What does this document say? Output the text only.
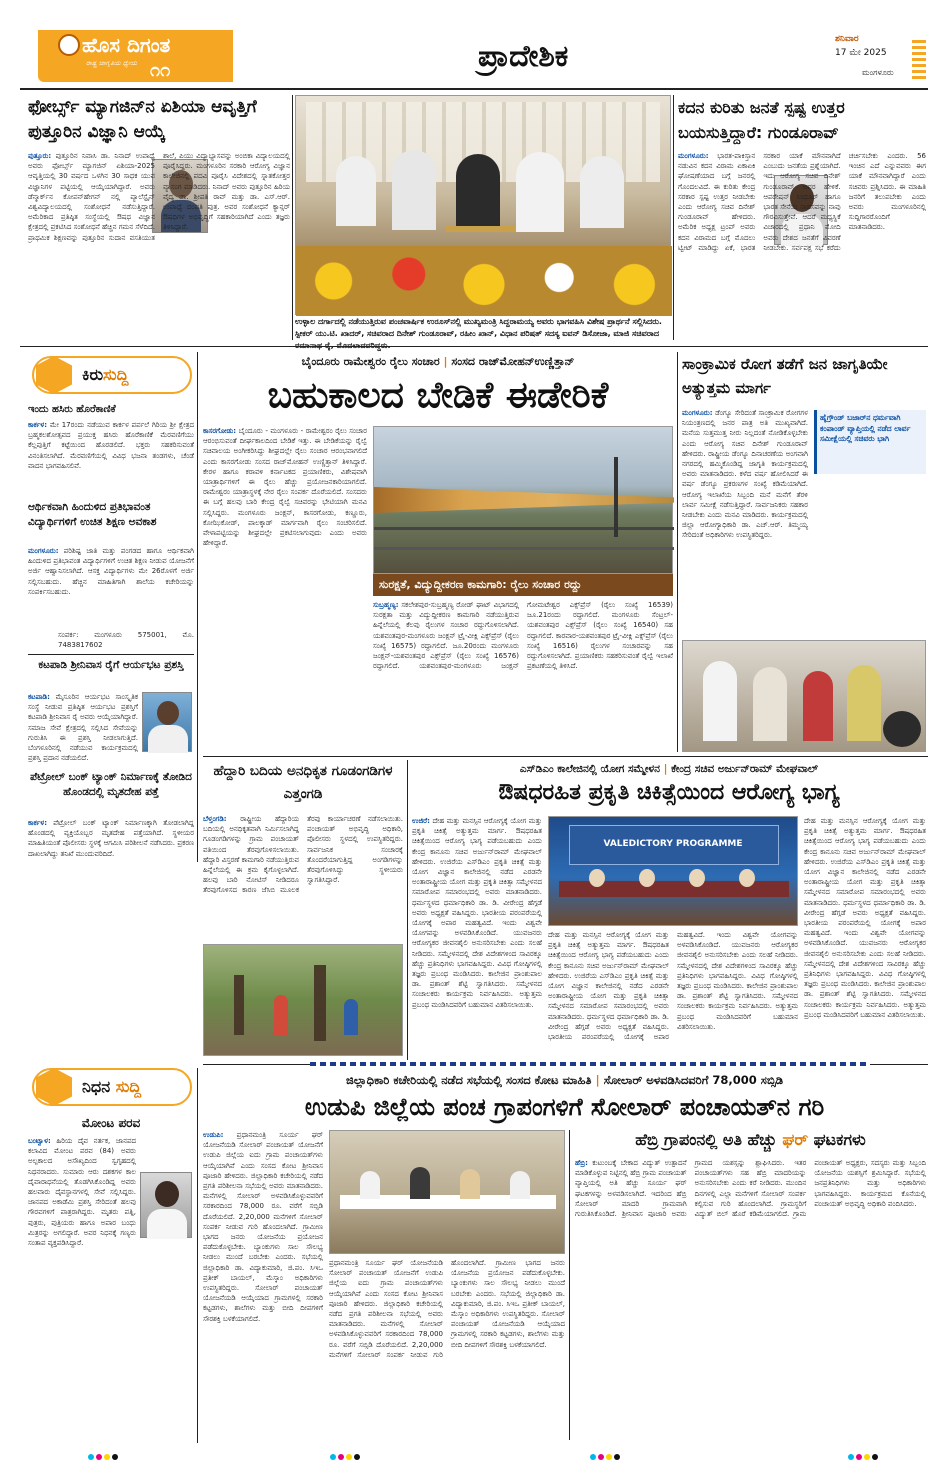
ಹೊಸ ದಿಗಂತ
ರಾಷ್ಟ್ರ ಜಾಗೃತಿಯ ಧ್ಯೇಯ ೧೧	ಪ್ರಾದೇಶಿಕ	ಶನಿವಾರ
17 ಮೇ 2025
ಮಂಗಳೂರು
ಫೋರ್ಬ್ಸ್ ಮ್ಯಾಗಜಿನ್‌ನ ಏಶಿಯಾ ಆವೃತ್ತಿಗೆ ಪುತ್ತೂರಿನ ವಿಜ್ಞಾನಿ ಆಯ್ಕೆ
ಪುತ್ತೂರು: ಪುತ್ತೂರಿನ ನಿವಾಸಿ ಡಾ. ನಿನಾದ್ ಉಪಾಧ್ಯೆ ಅವರು ಫೋರ್ಬ್ಸ್ ಮ್ಯಾಗಜಿನ್ ಏಶಿಯಾ-2025 ಆವೃತ್ತಿಯಲ್ಲಿ 30 ವರ್ಷದ ಒಳಗಿನ 30 ಸಾಧಕ ಯುವ ವಿಜ್ಞಾನಿಗಳ ಪಟ್ಟಿಯಲ್ಲಿ ಆಯ್ಕೆಯಾಗಿದ್ದಾರೆ. ಅವರು ಡೆನ್ಮಾರ್ಕ್‌ನ ಕೋಪನ್‌ಹೇಗನ್ ನಲ್ಲಿ ಪ್ಯಾಲೆಸ್ಟೈನ್ ವಿಶ್ವವಿದ್ಯಾಲಯದಲ್ಲಿ ಸಂಶೋಧನೆ ನಡೆಸುತ್ತಿದ್ದಾರೆ. ಅಮೆರಿಕಾದ ಪ್ರತಿಷ್ಠಿತ ಸಂಸ್ಥೆಯಲ್ಲಿ ಔಷಧ ವಿಜ್ಞಾನ ಕ್ಷೇತ್ರದಲ್ಲಿ ಪ್ರಕಟಿಸಿದ ಸಂಶೋಧನೆ ಹೆಚ್ಚಿನ ಗಮನ ಸೆಳೆದಿದೆ. ಪ್ರಾಥಮಿಕ ಶಿಕ್ಷಣವನ್ನು ಪುತ್ತೂರಿನ ಸುದಾನ ವಸತಿಯುತ ಶಾಲೆ, ಪಿಯು ವಿದ್ಯಾಭ್ಯಾಸವನ್ನು ಅಂಬಿಕಾ ವಿದ್ಯಾಲಯದಲ್ಲಿ ಪೂರೈಸಿದ್ದರು. ಮಂಗಳೂರಿನ ಸರಕಾರಿ ಆರೋಗ್ಯ ವಿಜ್ಞಾನ ಕಾಲೇಜಿನಲ್ಲಿ ಪದವಿ ಪೂರೈಸಿ ವಿದೇಶದಲ್ಲಿ ಸ್ನಾತಕೋತ್ತರ ವ್ಯಾಸಂಗ ಮಾಡಿದರು. ನಿನಾದ್ ಅವರು ಪುತ್ತೂರಿನ ಹಿರಿಯ ವೈದ್ಯ ಡಾ. ಶ್ರೀಪತಿ ರಾವ್ ಮತ್ತು ಡಾ. ಎಸ್.ಆರ್. ಉಪಾಧ್ಯೆ ದಂಪತಿ ಪುತ್ರ. ಅವರ ಸಂಶೋಧನೆ ಕ್ಯಾನ್ಸರ್ ಔಷಧಿಗಳ ಅಭಿವೃದ್ಧಿಗೆ ಸಹಕಾರಿಯಾಗಿದೆ ಎಂದು ತಜ್ಞರು ತಿಳಿಸಿದ್ದಾರೆ.
ಉಳ್ಳಾಲ ದರ್ಗಾದಲ್ಲಿ ನಡೆಯುತ್ತಿರುವ ಪಂಚವಾರ್ಷಿಕ ಉರೂಸ್‌ನಲ್ಲಿ ಮುಖ್ಯಮಂತ್ರಿ ಸಿದ್ದರಾಮಯ್ಯ ಅವರು ಭಾಗವಹಿಸಿ ವಿಶೇಷ ಪ್ರಾರ್ಥನೆ ಸಲ್ಲಿಸಿದರು. ಸ್ಪೀಕರ್ ಯು.ಟಿ. ಖಾದರ್, ಸಚಿವರಾದ ದಿನೇಶ್ ಗುಂಡೂರಾವ್, ರಹೀಂ ಖಾನ್, ವಿಧಾನ ಪರಿಷತ್ ಸದಸ್ಯ ಐವನ್ ಡಿಸೋಜಾ, ಮಾಜಿ ಸಚಿವರಾದ
ಕದನ ಕುರಿತು ಜನತೆ ಸ್ಪಷ್ಟ ಉತ್ತರ ಬಯಸುತ್ತಿದ್ದಾರೆ: ಗುಂಡೂರಾವ್
ಮಂಗಳೂರು: ಭಾರತ-ಪಾಕಿಸ್ತಾನ ನಡುವಿನ ಕದನ ವಿರಾಮ ಏಕಾಏಕಿ ಘೋಷಣೆಯಾದ ಬಗ್ಗೆ ಜನರಲ್ಲಿ ಗೊಂದಲವಿದೆ. ಈ ಕುರಿತು ಕೇಂದ್ರ ಸರಕಾರ ಸ್ಪಷ್ಟ ಉತ್ತರ ನೀಡಬೇಕು ಎಂದು ಆರೋಗ್ಯ ಸಚಿವ ದಿನೇಶ್ ಗುಂಡೂರಾವ್ ಹೇಳಿದರು. ಅಮೆರಿಕ ಅಧ್ಯಕ್ಷ ಟ್ರಂಪ್ ಅವರು ಕದನ ವಿರಾಮದ ಬಗ್ಗೆ ಮೊದಲು ಟ್ವೀಟ್ ಮಾಡಿದ್ದು ಏಕೆ, ಭಾರತ ಸರಕಾರ ಯಾಕೆ ಮೌನವಾಗಿದೆ ಎಂಬುದು ಜನತೆಯ ಪ್ರಶ್ನೆಯಾಗಿದೆ. ಇದು ಆರೋಗ್ಯ ಸಚಿವ ದಿನೇಶ್ ಗುಂಡೂರಾವ್ ಅವರ ಹೇಳಿಕೆ. ಆಪರೇಷನ್ ಸಿಂಧೂರ್ ಹಾಗೂ ಭಾರತ ಸೇನೆಯ ಸಾಹಸವನ್ನು ನಾವು ಗೌರವಿಸುತ್ತೇವೆ. ಆದರೆ ಮಧ್ಯಸ್ಥಿಕೆ ವಿಚಾರದಲ್ಲಿ ಪ್ರಧಾನಿ ಮೋದಿ ಅವರು ದೇಶದ ಜನತೆಗೆ ವಿವರಣೆ ನೀಡಬೇಕು. ಸರ್ವಪಕ್ಷ ಸಭೆ ಕರೆದು ಚರ್ಚಿಸಬೇಕು ಎಂದರು. 56 ಇಂಚಿನ ಎದೆ ಎನ್ನುವವರು ಈಗ ಯಾಕೆ ಮೌನವಾಗಿದ್ದಾರೆ ಎಂದು ಸಚಿವರು ಪ್ರಶ್ನಿಸಿದರು. ಈ ಮಾಹಿತಿ ಜನರಿಗೆ ತಲುಪಬೇಕು ಎಂದು ಅವರು ಮಂಗಳೂರಿನಲ್ಲಿ ಸುದ್ದಿಗಾರರೊಂದಿಗೆ ಮಾತನಾಡಿದರು.
ಕಿರುಸುದ್ದಿ
ಇಂದು ಹಸಿರು ಹೊರೆಕಾಣಿಕೆ
ಕಾರ್ಕಳ: ಮೇ 17ರಂದು ನಡೆಯುವ ಕಾರ್ಕಳ ಪರ್ಪಲೆ ಗಿರಿಯ ಶ್ರೀ ಕ್ಷೇತ್ರದ ಬ್ರಹ್ಮಕಲಶೋತ್ಸವದ ಪ್ರಯುಕ್ತ ಹಸಿರು ಹೊರೆಕಾಣಿಕೆ ಮೆರವಣಿಗೆಯು ಕೆಲ್ಲಪುತ್ತಿಗೆ ಕಟ್ಟೆಯಿಂದ ಹೊರಡಲಿದೆ. ಭಕ್ತರು ಸಹಕರಿಸುವಂತೆ ವಿನಂತಿಸಲಾಗಿದೆ. ಮೆರವಣಿಗೆಯಲ್ಲಿ ವಿವಿಧ ಭಜನಾ ತಂಡಗಳು, ಚೆಂಡೆ ವಾದನ ಭಾಗವಹಿಸಲಿವೆ.
ಆರ್ಥಿಕವಾಗಿ ಹಿಂದುಳಿದ ಪ್ರತಿಭಾವಂತ ವಿದ್ಯಾರ್ಥಿಗಳಿಗೆ ಉಚಿತ ಶಿಕ್ಷಣ ಅವಕಾಶ
ಮಂಗಳೂರು: ಪರಿಶಿಷ್ಟ ಜಾತಿ ಮತ್ತು ಪಂಗಡದ ಹಾಗೂ ಆರ್ಥಿಕವಾಗಿ ಹಿಂದುಳಿದ ಪ್ರತಿಭಾವಂತ ವಿದ್ಯಾರ್ಥಿಗಳಿಗೆ ಉಚಿತ ಶಿಕ್ಷಣ ನೀಡುವ ಯೋಜನೆಗೆ ಅರ್ಜಿ ಆಹ್ವಾನಿಸಲಾಗಿದೆ. ಆಸಕ್ತ ವಿದ್ಯಾರ್ಥಿಗಳು ಮೇ 26ರೊಳಗೆ ಅರ್ಜಿ ಸಲ್ಲಿಸಬಹುದು. ಹೆಚ್ಚಿನ ಮಾಹಿತಿಗಾಗಿ ಶಾಲೆಯ ಕಚೇರಿಯನ್ನು ಸಂಪರ್ಕಿಸಬಹುದು.
ಸಂಪರ್ಕ: ಮಂಗಳೂರು 575001, ಮೊ. 7483817602
ಕಟಪಾಡಿ ಶ್ರೀನಿವಾಸ ರೈಗೆ ಆರ್ಯಭಟ ಪ್ರಶಸ್ತಿ
ಕಟಪಾಡಿ: ಮೈಸೂರಿನ ಆರ್ಯಭಟ ಸಾಂಸ್ಕೃತಿಕ ಸಂಸ್ಥೆ ನೀಡುವ ಪ್ರತಿಷ್ಠಿತ ಆರ್ಯಭಟ ಪ್ರಶಸ್ತಿಗೆ ಕಟಪಾಡಿ ಶ್ರೀನಿವಾಸ ರೈ ಅವರು ಆಯ್ಕೆಯಾಗಿದ್ದಾರೆ. ಸಮಾಜ ಸೇವೆ ಕ್ಷೇತ್ರದಲ್ಲಿ ಸಲ್ಲಿಸಿದ ಸೇವೆಯನ್ನು ಗುರುತಿಸಿ ಈ ಪ್ರಶಸ್ತಿ ನೀಡಲಾಗುತ್ತಿದೆ. ಬೆಂಗಳೂರಿನಲ್ಲಿ ನಡೆಯುವ ಕಾರ್ಯಕ್ರಮದಲ್ಲಿ ಪ್ರಶಸ್ತಿ ಪ್ರದಾನ ನಡೆಯಲಿದೆ.
ಪೆಟ್ರೋಲ್ ಬಂಕ್ ಟ್ಯಾಂಕ್ ನಿರ್ಮಾಣಕ್ಕೆ ತೋಡಿದ ಹೊಂಡದಲ್ಲಿ ಮೃತದೇಹ ಪತ್ತೆ
ಕಾರ್ಕಳ: ಪೆಟ್ರೋಲ್ ಬಂಕ್ ಟ್ಯಾಂಕ್ ನಿರ್ಮಾಣಕ್ಕಾಗಿ ತೋಡಲಾಗಿದ್ದ ಹೊಂಡದಲ್ಲಿ ವ್ಯಕ್ತಿಯೊಬ್ಬರ ಮೃತದೇಹ ಪತ್ತೆಯಾಗಿದೆ. ಸ್ಥಳೀಯರ ಮಾಹಿತಿಯಂತೆ ಪೊಲೀಸರು ಸ್ಥಳಕ್ಕೆ ಆಗಮಿಸಿ ಪರಿಶೀಲನೆ ನಡೆಸಿದರು. ಪ್ರಕರಣ ದಾಖಲಾಗಿದ್ದು ತನಿಖೆ ಮುಂದುವರಿದಿದೆ.
ಬೈಂದೂರು ರಾಮೇಶ್ವರಂ ರೈಲು ಸಂಚಾರ | ಸಂಸದ ರಾಜ್‌ಮೋಹನ್‌ಉಣ್ಣಿತ್ತಾನ್
ಬಹುಕಾಲದ ಬೇಡಿಕೆ ಈಡೇರಿಕೆ
ಕಾಸರಗೋಡು: ಬೈಂದೂರು - ಮಂಗಳೂರು - ರಾಮೇಶ್ವರಂ ರೈಲು ಸಂಚಾರ ಆರಂಭಿಸುವಂತೆ ದೀರ್ಘಕಾಲದಿಂದ ಬೇಡಿಕೆ ಇತ್ತು. ಈ ಬೇಡಿಕೆಯನ್ನು ರೈಲ್ವೆ ಸಚಿವಾಲಯ ಅಂಗೀಕರಿಸಿದ್ದು ಶೀಘ್ರದಲ್ಲೇ ರೈಲು ಸಂಚಾರ ಆರಂಭವಾಗಲಿದೆ ಎಂದು ಕಾಸರಗೋಡು ಸಂಸದ ರಾಜ್‌ಮೋಹನ್ ಉಣ್ಣಿತ್ತಾನ್ ತಿಳಿಸಿದ್ದಾರೆ. ಕೇರಳ ಹಾಗೂ ಕರಾವಳಿ ಕರ್ನಾಟಕದ ಪ್ರಯಾಣಿಕರು, ವಿಶೇಷವಾಗಿ ಯಾತ್ರಾರ್ಥಿಗಳಿಗೆ ಈ ರೈಲು ಹೆಚ್ಚು ಪ್ರಯೋಜನಕಾರಿಯಾಗಲಿದೆ. ರಾಮೇಶ್ವರಂ ಯಾತ್ರಾಸ್ಥಳಕ್ಕೆ ನೇರ ರೈಲು ಸಂಪರ್ಕ ದೊರೆಯಲಿದೆ. ಸಂಸದರು ಈ ಬಗ್ಗೆ ಹಲವು ಬಾರಿ ಕೇಂದ್ರ ರೈಲ್ವೆ ಸಚಿವರನ್ನು ಭೇಟಿಯಾಗಿ ಮನವಿ ಸಲ್ಲಿಸಿದ್ದರು. ಮಂಗಳೂರು ಜಂಕ್ಷನ್, ಕಾಸರಗೋಡು, ಕಣ್ಣೂರು, ಕೋಝಿಕೋಡ್, ಪಾಲಕ್ಕಾಡ್ ಮಾರ್ಗವಾಗಿ ರೈಲು ಸಂಚರಿಸಲಿದೆ. ವೇಳಾಪಟ್ಟಿಯನ್ನು ಶೀಘ್ರದಲ್ಲೇ ಪ್ರಕಟಿಸಲಾಗುವುದು ಎಂದು ಅವರು ಹೇಳಿದ್ದಾರೆ.
ಸುರಕ್ಷತೆ, ವಿದ್ಯುದ್ದೀಕರಣ ಕಾಮಗಾರಿ: ರೈಲು ಸಂಚಾರ ರದ್ದು
ಸುಬ್ರಹ್ಮಣ್ಯ: ಸಕಲೇಶಪುರ-ಸುಬ್ರಹ್ಮಣ್ಯ ರೋಡ್ ಘಾಟ್ ವಿಭಾಗದಲ್ಲಿ ಸುರಕ್ಷತಾ ಮತ್ತು ವಿದ್ಯುದ್ದೀಕರಣ ಕಾಮಗಾರಿ ನಡೆಯುತ್ತಿರುವ ಹಿನ್ನೆಲೆಯಲ್ಲಿ ಕೆಲವು ರೈಲುಗಳ ಸಂಚಾರ ರದ್ದುಗೊಳಿಸಲಾಗಿದೆ. ಯಶವಂತಪುರ-ಮಂಗಳೂರು ಜಂಕ್ಷನ್ ಟ್ರೈ-ವೀಕ್ಲಿ ಎಕ್ಸ್‌ಪ್ರೆಸ್ (ರೈಲು ಸಂಖ್ಯೆ 16575) ರದ್ದಾಗಲಿದೆ. ಜೂ.20ರಂದು ಮಂಗಳೂರು ಜಂಕ್ಷನ್-ಯಶವಂತಪುರ ಎಕ್ಸ್‌ಪ್ರೆಸ್ (ರೈಲು ಸಂಖ್ಯೆ 16576) ರದ್ದಾಗಲಿದೆ. ಯಶವಂತಪುರ-ಮಂಗಳೂರು ಜಂಕ್ಷನ್ ಗೋಮಟೇಶ್ವರ ಎಕ್ಸ್‌ಪ್ರೆಸ್ (ರೈಲು ಸಂಖ್ಯೆ 16539) ಜೂ.21ರಂದು ರದ್ದಾಗಲಿದೆ. ಮಂಗಳೂರು ಸೆಂಟ್ರಲ್-ಯಶವಂತಪುರ ಎಕ್ಸ್‌ಪ್ರೆಸ್ (ರೈಲು ಸಂಖ್ಯೆ 16540) ಸಹ ರದ್ದಾಗಲಿದೆ. ಕಾರವಾರ-ಯಶವಂತಪುರ ಟ್ರೈ-ವೀಕ್ಲಿ ಎಕ್ಸ್‌ಪ್ರೆಸ್ (ರೈಲು ಸಂಖ್ಯೆ 16516) ರೈಲುಗಳ ಸಂಚಾರವನ್ನು ಸಹ ರದ್ದುಗೊಳಿಸಲಾಗಿದೆ. ಪ್ರಯಾಣಿಕರು ಸಹಕರಿಸುವಂತೆ ರೈಲ್ವೆ ಇಲಾಖೆ ಪ್ರಕಟಣೆಯಲ್ಲಿ ತಿಳಿಸಿದೆ.
ಸಾಂಕ್ರಾಮಿಕ ರೋಗ ತಡೆಗೆ ಜನ ಜಾಗೃತಿಯೇ ಅತ್ಯುತ್ತಮ ಮಾರ್ಗ
ಮಂಗಳೂರು: ಡೆಂಗ್ಯೂ ಸೇರಿದಂತೆ ಸಾಂಕ್ರಾಮಿಕ ರೋಗಗಳ ನಿಯಂತ್ರಣದಲ್ಲಿ ಜನರ ಪಾತ್ರ ಅತಿ ಮುಖ್ಯವಾಗಿದೆ. ಮನೆಯ ಸುತ್ತಮುತ್ತ ನೀರು ನಿಲ್ಲದಂತೆ ನೋಡಿಕೊಳ್ಳಬೇಕು ಎಂದು ಆರೋಗ್ಯ ಸಚಿವ ದಿನೇಶ್ ಗುಂಡೂರಾವ್ ಹೇಳಿದರು. ರಾಷ್ಟ್ರೀಯ ಡೆಂಗ್ಯೂ ದಿನಾಚರಣೆಯ ಅಂಗವಾಗಿ ನಗರದಲ್ಲಿ ಹಮ್ಮಿಕೊಂಡಿದ್ದ ಜಾಗೃತಿ ಕಾರ್ಯಕ್ರಮದಲ್ಲಿ ಅವರು ಮಾತನಾಡಿದರು. ಕಳೆದ ವರ್ಷ ಹೋಲಿಸಿದರೆ ಈ ವರ್ಷ ಡೆಂಗ್ಯೂ ಪ್ರಕರಣಗಳ ಸಂಖ್ಯೆ ಕಡಿಮೆಯಾಗಿದೆ. ಆರೋಗ್ಯ ಇಲಾಖೆಯ ಸಿಬ್ಬಂದಿ ಮನೆ ಮನೆಗೆ ತೆರಳಿ ಲಾರ್ವ ಸಮೀಕ್ಷೆ ನಡೆಸುತ್ತಿದ್ದಾರೆ. ಸಾರ್ವಜನಿಕರು ಸಹಕಾರ ನೀಡಬೇಕು ಎಂದು ಮನವಿ ಮಾಡಿದರು. ಕಾರ್ಯಕ್ರಮದಲ್ಲಿ ಜಿಲ್ಲಾ ಆರೋಗ್ಯಾಧಿಕಾರಿ ಡಾ. ಎಚ್.ಆರ್. ತಿಮ್ಮಯ್ಯ ಸೇರಿದಂತೆ ಅಧಿಕಾರಿಗಳು ಉಪಸ್ಥಿತರಿದ್ದರು.
ಹೈಗ್ರೌಂಡ್ ಬಜಾರ್‌ನ ಧರ್ಮವಾಗಿ ಕಂಪಾಂಡ್ ವ್ಯಾಪ್ತಿಯಲ್ಲಿ ನಡೆದ ಲಾರ್ವ ಸಮೀಕ್ಷೆಯಲ್ಲಿ ಸಚಿವರು ಭಾಗಿ
ಹೆದ್ದಾರಿ ಬದಿಯ ಅನಧಿಕೃತ ಗೂಡಂಗಡಿಗಳ ಎತ್ತಂಗಡಿ
ಬೆಳ್ತಂಗಡಿ: ರಾಷ್ಟ್ರೀಯ ಹೆದ್ದಾರಿಯ ಬದಿಯಲ್ಲಿ ಅನಧಿಕೃತವಾಗಿ ನಿರ್ಮಿಸಲಾಗಿದ್ದ ಗೂಡಂಗಡಿಗಳನ್ನು ಗ್ರಾಮ ಪಂಚಾಯತ್ ವತಿಯಿಂದ ತೆರವುಗೊಳಿಸಲಾಯಿತು. ಹೆದ್ದಾರಿ ವಿಸ್ತರಣೆ ಕಾಮಗಾರಿ ನಡೆಯುತ್ತಿರುವ ಹಿನ್ನೆಲೆಯಲ್ಲಿ ಈ ಕ್ರಮ ಕೈಗೊಳ್ಳಲಾಗಿದೆ. ಹಲವು ಬಾರಿ ನೋಟಿಸ್ ನೀಡಿದರೂ ತೆರವುಗೊಳಿಸದ ಕಾರಣ ಜೆಸಿಬಿ ಮೂಲಕ ತೆರವು ಕಾರ್ಯಾಚರಣೆ ನಡೆಸಲಾಯಿತು. ಪಂಚಾಯತ್ ಅಭಿವೃದ್ಧಿ ಅಧಿಕಾರಿ, ಪೊಲೀಸರು ಸ್ಥಳದಲ್ಲಿ ಉಪಸ್ಥಿತರಿದ್ದರು. ಸಾರ್ವಜನಿಕ ಸಂಚಾರಕ್ಕೆ ತೊಂದರೆಯಾಗುತ್ತಿದ್ದ ಅಂಗಡಿಗಳನ್ನು ತೆರವುಗೊಳಿಸಿದ್ದು ಸ್ಥಳೀಯರು ಸ್ವಾಗತಿಸಿದ್ದಾರೆ.
ಎಸ್‌ಡಿಎಂ ಕಾಲೇಜಿನಲ್ಲಿ ಯೋಗ ಸಮ್ಮೇಳನ | ಕೇಂದ್ರ ಸಚಿವ ಅರ್ಜುನ್‌ರಾಮ್ ಮೇಘವಾಲ್
ಔಷಧರಹಿತ ಪ್ರಕೃತಿ ಚಿಕಿತ್ಸೆಯಿಂದ ಆರೋಗ್ಯ ಭಾಗ್ಯ
ಉಜಿರೆ: ದೇಹ ಮತ್ತು ಮನಸ್ಸಿನ ಆರೋಗ್ಯಕ್ಕೆ ಯೋಗ ಮತ್ತು ಪ್ರಕೃತಿ ಚಿಕಿತ್ಸೆ ಅತ್ಯುತ್ತಮ ಮಾರ್ಗ. ಔಷಧರಹಿತ ಚಿಕಿತ್ಸೆಯಿಂದ ಆರೋಗ್ಯ ಭಾಗ್ಯ ಪಡೆಯಬಹುದು ಎಂದು ಕೇಂದ್ರ ಕಾನೂನು ಸಚಿವ ಅರ್ಜುನ್‌ರಾಮ್ ಮೇಘವಾಲ್ ಹೇಳಿದರು. ಉಜಿರೆಯ ಎಸ್‌ಡಿಎಂ ಪ್ರಕೃತಿ ಚಿಕಿತ್ಸೆ ಮತ್ತು ಯೋಗ ವಿಜ್ಞಾನ ಕಾಲೇಜಿನಲ್ಲಿ ನಡೆದ ಎರಡನೇ ಅಂತಾರಾಷ್ಟ್ರೀಯ ಯೋಗ ಮತ್ತು ಪ್ರಕೃತಿ ಚಿಕಿತ್ಸಾ ಸಮ್ಮೇಳನದ ಸಮಾರೋಪ ಸಮಾರಂಭದಲ್ಲಿ ಅವರು ಮಾತನಾಡಿದರು. ಧರ್ಮಸ್ಥಳದ ಧರ್ಮಾಧಿಕಾರಿ ಡಾ. ಡಿ. ವೀರೇಂದ್ರ ಹೆಗ್ಗಡೆ ಅವರು ಅಧ್ಯಕ್ಷತೆ ವಹಿಸಿದ್ದರು. ಭಾರತೀಯ ಪರಂಪರೆಯಲ್ಲಿ ಯೋಗಕ್ಕೆ ಅಪಾರ ಮಹತ್ವವಿದೆ. ಇಂದು ವಿಶ್ವವೇ ಯೋಗವನ್ನು ಅಳವಡಿಸಿಕೊಂಡಿದೆ. ಯುವಜನರು ಆರೋಗ್ಯಕರ ಜೀವನಶೈಲಿ ಅನುಸರಿಸಬೇಕು ಎಂದು ಸಲಹೆ ನೀಡಿದರು. ಸಮ್ಮೇಳನದಲ್ಲಿ ದೇಶ ವಿದೇಶಗಳಿಂದ ಸಾವಿರಕ್ಕೂ ಹೆಚ್ಚು ಪ್ರತಿನಿಧಿಗಳು ಭಾಗವಹಿಸಿದ್ದರು. ವಿವಿಧ ಗೋಷ್ಠಿಗಳಲ್ಲಿ ತಜ್ಞರು ಪ್ರಬಂಧ ಮಂಡಿಸಿದರು. ಕಾಲೇಜಿನ ಪ್ರಾಂಶುಪಾಲ ಡಾ. ಪ್ರಶಾಂತ್ ಶೆಟ್ಟಿ ಸ್ವಾಗತಿಸಿದರು. ಸಮ್ಮೇಳನದ ಸಂಚಾಲಕರು ಕಾರ್ಯಕ್ರಮ ನಿರ್ವಹಿಸಿದರು. ಅತ್ಯುತ್ತಮ ಪ್ರಬಂಧ ಮಂಡಿಸಿದವರಿಗೆ ಬಹುಮಾನ ವಿತರಿಸಲಾಯಿತು.
VALEDICTORY PROGRAMME
ದೇಹ ಮತ್ತು ಮನಸ್ಸಿನ ಆರೋಗ್ಯಕ್ಕೆ ಯೋಗ ಮತ್ತು ಪ್ರಕೃತಿ ಚಿಕಿತ್ಸೆ ಅತ್ಯುತ್ತಮ ಮಾರ್ಗ. ಔಷಧರಹಿತ ಚಿಕಿತ್ಸೆಯಿಂದ ಆರೋಗ್ಯ ಭಾಗ್ಯ ಪಡೆಯಬಹುದು ಎಂದು ಕೇಂದ್ರ ಕಾನೂನು ಸಚಿವ ಅರ್ಜುನ್‌ರಾಮ್ ಮೇಘವಾಲ್ ಹೇಳಿದರು. ಉಜಿರೆಯ ಎಸ್‌ಡಿಎಂ ಪ್ರಕೃತಿ ಚಿಕಿತ್ಸೆ ಮತ್ತು ಯೋಗ ವಿಜ್ಞಾನ ಕಾಲೇಜಿನಲ್ಲಿ ನಡೆದ ಎರಡನೇ ಅಂತಾರಾಷ್ಟ್ರೀಯ ಯೋಗ ಮತ್ತು ಪ್ರಕೃತಿ ಚಿಕಿತ್ಸಾ ಸಮ್ಮೇಳನದ ಸಮಾರೋಪ ಸಮಾರಂಭದಲ್ಲಿ ಅವರು ಮಾತನಾಡಿದರು. ಧರ್ಮಸ್ಥಳದ ಧರ್ಮಾಧಿಕಾರಿ ಡಾ. ಡಿ. ವೀರೇಂದ್ರ ಹೆಗ್ಗಡೆ ಅವರು ಅಧ್ಯಕ್ಷತೆ ವಹಿಸಿದ್ದರು. ಭಾರತೀಯ ಪರಂಪರೆಯಲ್ಲಿ ಯೋಗಕ್ಕೆ ಅಪಾರ ಮಹತ್ವವಿದೆ. ಇಂದು ವಿಶ್ವವೇ ಯೋಗವನ್ನು ಅಳವಡಿಸಿಕೊಂಡಿದೆ. ಯುವಜನರು ಆರೋಗ್ಯಕರ ಜೀವನಶೈಲಿ ಅನುಸರಿಸಬೇಕು ಎಂದು ಸಲಹೆ ನೀಡಿದರು. ಸಮ್ಮೇಳನದಲ್ಲಿ ದೇಶ ವಿದೇಶಗಳಿಂದ ಸಾವಿರಕ್ಕೂ ಹೆಚ್ಚು ಪ್ರತಿನಿಧಿಗಳು ಭಾಗವಹಿಸಿದ್ದರು. ವಿವಿಧ ಗೋಷ್ಠಿಗಳಲ್ಲಿ ತಜ್ಞರು ಪ್ರಬಂಧ ಮಂಡಿಸಿದರು. ಕಾಲೇಜಿನ ಪ್ರಾಂಶುಪಾಲ ಡಾ. ಪ್ರಶಾಂತ್ ಶೆಟ್ಟಿ ಸ್ವಾಗತಿಸಿದರು. ಸಮ್ಮೇಳನದ ಸಂಚಾಲಕರು ಕಾರ್ಯಕ್ರಮ ನಿರ್ವಹಿಸಿದರು. ಅತ್ಯುತ್ತಮ ಪ್ರಬಂಧ ಮಂಡಿಸಿದವರಿಗೆ ಬಹುಮಾನ ವಿತರಿಸಲಾಯಿತು.
ದೇಹ ಮತ್ತು ಮನಸ್ಸಿನ ಆರೋಗ್ಯಕ್ಕೆ ಯೋಗ ಮತ್ತು ಪ್ರಕೃತಿ ಚಿಕಿತ್ಸೆ ಅತ್ಯುತ್ತಮ ಮಾರ್ಗ. ಔಷಧರಹಿತ ಚಿಕಿತ್ಸೆಯಿಂದ ಆರೋಗ್ಯ ಭಾಗ್ಯ ಪಡೆಯಬಹುದು ಎಂದು ಕೇಂದ್ರ ಕಾನೂನು ಸಚಿವ ಅರ್ಜುನ್‌ರಾಮ್ ಮೇಘವಾಲ್ ಹೇಳಿದರು. ಉಜಿರೆಯ ಎಸ್‌ಡಿಎಂ ಪ್ರಕೃತಿ ಚಿಕಿತ್ಸೆ ಮತ್ತು ಯೋಗ ವಿಜ್ಞಾನ ಕಾಲೇಜಿನಲ್ಲಿ ನಡೆದ ಎರಡನೇ ಅಂತಾರಾಷ್ಟ್ರೀಯ ಯೋಗ ಮತ್ತು ಪ್ರಕೃತಿ ಚಿಕಿತ್ಸಾ ಸಮ್ಮೇಳನದ ಸಮಾರೋಪ ಸಮಾರಂಭದಲ್ಲಿ ಅವರು ಮಾತನಾಡಿದರು. ಧರ್ಮಸ್ಥಳದ ಧರ್ಮಾಧಿಕಾರಿ ಡಾ. ಡಿ. ವೀರೇಂದ್ರ ಹೆಗ್ಗಡೆ ಅವರು ಅಧ್ಯಕ್ಷತೆ ವಹಿಸಿದ್ದರು. ಭಾರತೀಯ ಪರಂಪರೆಯಲ್ಲಿ ಯೋಗಕ್ಕೆ ಅಪಾರ ಮಹತ್ವವಿದೆ. ಇಂದು ವಿಶ್ವವೇ ಯೋಗವನ್ನು ಅಳವಡಿಸಿಕೊಂಡಿದೆ. ಯುವಜನರು ಆರೋಗ್ಯಕರ ಜೀವನಶೈಲಿ ಅನುಸರಿಸಬೇಕು ಎಂದು ಸಲಹೆ ನೀಡಿದರು. ಸಮ್ಮೇಳನದಲ್ಲಿ ದೇಶ ವಿದೇಶಗಳಿಂದ ಸಾವಿರಕ್ಕೂ ಹೆಚ್ಚು ಪ್ರತಿನಿಧಿಗಳು ಭಾಗವಹಿಸಿದ್ದರು. ವಿವಿಧ ಗೋಷ್ಠಿಗಳಲ್ಲಿ ತಜ್ಞರು ಪ್ರಬಂಧ ಮಂಡಿಸಿದರು. ಕಾಲೇಜಿನ ಪ್ರಾಂಶುಪಾಲ ಡಾ. ಪ್ರಶಾಂತ್ ಶೆಟ್ಟಿ ಸ್ವಾಗತಿಸಿದರು. ಸಮ್ಮೇಳನದ ಸಂಚಾಲಕರು ಕಾರ್ಯಕ್ರಮ ನಿರ್ವಹಿಸಿದರು. ಅತ್ಯುತ್ತಮ ಪ್ರಬಂಧ ಮಂಡಿಸಿದವರಿಗೆ ಬಹುಮಾನ ವಿತರಿಸಲಾಯಿತು.
ನಿಧನ ಸುದ್ದಿ
ಮೋಂಟ ಪರವ
ಬಂಟ್ವಾಳ: ಹಿರಿಯ ದೈವ ನರ್ತಕ, ಜಾನಪದ ಕಲಾವಿದ ಮೋಂಟ ಪರವ (84) ಅವರು ಅಲ್ಪಕಾಲದ ಅಸೌಖ್ಯದಿಂದ ಸ್ವಗೃಹದಲ್ಲಿ ನಿಧನರಾದರು. ಸುಮಾರು ಆರು ದಶಕಗಳ ಕಾಲ ದೈವಾರಾಧನೆಯಲ್ಲಿ ತೊಡಗಿಸಿಕೊಂಡಿದ್ದ ಅವರು ಹಲವಾರು ದೈವಸ್ಥಾನಗಳಲ್ಲಿ ಸೇವೆ ಸಲ್ಲಿಸಿದ್ದರು. ಜಾನಪದ ಅಕಾಡೆಮಿ ಪ್ರಶಸ್ತಿ ಸೇರಿದಂತೆ ಹಲವು ಗೌರವಗಳಿಗೆ ಪಾತ್ರರಾಗಿದ್ದರು. ಮೃತರು ಪತ್ನಿ, ಪುತ್ರರು, ಪುತ್ರಿಯರು ಹಾಗೂ ಅಪಾರ ಬಂಧು ಮಿತ್ರರನ್ನು ಅಗಲಿದ್ದಾರೆ. ಅವರ ನಿಧನಕ್ಕೆ ಗಣ್ಯರು ಸಂತಾಪ ವ್ಯಕ್ತಪಡಿಸಿದ್ದಾರೆ.
ಜಿಲ್ಲಾಧಿಕಾರಿ ಕಚೇರಿಯಲ್ಲಿ ನಡೆದ ಸಭೆಯಲ್ಲಿ ಸಂಸದ ಕೋಟ ಮಾಹಿತಿ | ಸೋಲಾರ್ ಅಳವಡಿಸಿದವರಿಗೆ 78,000 ಸಬ್ಸಿಡಿ
ಉಡುಪಿ ಜಿಲ್ಲೆಯ ಪಂಚ ಗ್ರಾಪಂಗಳಿಗೆ ಸೋಲಾರ್ ಪಂಚಾಯತ್‌ನ ಗರಿ
ಉಡುಪಿ: ಪ್ರಧಾನಮಂತ್ರಿ ಸೂರ್ಯ ಘರ್ ಯೋಜನೆಯಡಿ ಸೋಲಾರ್ ಪಂಚಾಯತ್ ಯೋಜನೆಗೆ ಉಡುಪಿ ಜಿಲ್ಲೆಯ ಐದು ಗ್ರಾಮ ಪಂಚಾಯತ್‌ಗಳು ಆಯ್ಕೆಯಾಗಿವೆ ಎಂದು ಸಂಸದ ಕೋಟ ಶ್ರೀನಿವಾಸ ಪೂಜಾರಿ ಹೇಳಿದರು. ಜಿಲ್ಲಾಧಿಕಾರಿ ಕಚೇರಿಯಲ್ಲಿ ನಡೆದ ಪ್ರಗತಿ ಪರಿಶೀಲನಾ ಸಭೆಯಲ್ಲಿ ಅವರು ಮಾತನಾಡಿದರು. ಮನೆಗಳಲ್ಲಿ ಸೋಲಾರ್ ಅಳವಡಿಸಿಕೊಳ್ಳುವವರಿಗೆ ಸರಕಾರದಿಂದ 78,000 ರೂ. ವರೆಗೆ ಸಬ್ಸಿಡಿ ದೊರೆಯಲಿದೆ. 2,20,000 ಮನೆಗಳಿಗೆ ಸೋಲಾರ್ ಸಂಪರ್ಕ ನೀಡುವ ಗುರಿ ಹೊಂದಲಾಗಿದೆ. ಗ್ರಾಮೀಣ ಭಾಗದ ಜನರು ಯೋಜನೆಯ ಪ್ರಯೋಜನ ಪಡೆದುಕೊಳ್ಳಬೇಕು. ಬ್ಯಾಂಕುಗಳು ಸಾಲ ಸೌಲಭ್ಯ ನೀಡಲು ಮುಂದೆ ಬರಬೇಕು ಎಂದರು. ಸಭೆಯಲ್ಲಿ ಜಿಲ್ಲಾಧಿಕಾರಿ ಡಾ. ವಿದ್ಯಾಕುಮಾರಿ, ಜಿ.ಪಂ. ಸಿಇಒ ಪ್ರತೀಕ್ ಬಾಯಲ್, ಮೆಸ್ಕಾಂ ಅಧಿಕಾರಿಗಳು ಉಪಸ್ಥಿತರಿದ್ದರು. ಸೋಲಾರ್ ಪಂಚಾಯತ್ ಯೋಜನೆಯಡಿ ಆಯ್ಕೆಯಾದ ಗ್ರಾಮಗಳಲ್ಲಿ ಸರಕಾರಿ ಕಟ್ಟಡಗಳು, ಶಾಲೆಗಳು ಮತ್ತು ಬೀದಿ ದೀಪಗಳಿಗೆ ಸೌರಶಕ್ತಿ ಬಳಕೆಯಾಗಲಿದೆ.
ಪ್ರಧಾನಮಂತ್ರಿ ಸೂರ್ಯ ಘರ್ ಯೋಜನೆಯಡಿ ಸೋಲಾರ್ ಪಂಚಾಯತ್ ಯೋಜನೆಗೆ ಉಡುಪಿ ಜಿಲ್ಲೆಯ ಐದು ಗ್ರಾಮ ಪಂಚಾಯತ್‌ಗಳು ಆಯ್ಕೆಯಾಗಿವೆ ಎಂದು ಸಂಸದ ಕೋಟ ಶ್ರೀನಿವಾಸ ಪೂಜಾರಿ ಹೇಳಿದರು. ಜಿಲ್ಲಾಧಿಕಾರಿ ಕಚೇರಿಯಲ್ಲಿ ನಡೆದ ಪ್ರಗತಿ ಪರಿಶೀಲನಾ ಸಭೆಯಲ್ಲಿ ಅವರು ಮಾತನಾಡಿದರು. ಮನೆಗಳಲ್ಲಿ ಸೋಲಾರ್ ಅಳವಡಿಸಿಕೊಳ್ಳುವವರಿಗೆ ಸರಕಾರದಿಂದ 78,000 ರೂ. ವರೆಗೆ ಸಬ್ಸಿಡಿ ದೊರೆಯಲಿದೆ. 2,20,000 ಮನೆಗಳಿಗೆ ಸೋಲಾರ್ ಸಂಪರ್ಕ ನೀಡುವ ಗುರಿ ಹೊಂದಲಾಗಿದೆ. ಗ್ರಾಮೀಣ ಭಾಗದ ಜನರು ಯೋಜನೆಯ ಪ್ರಯೋಜನ ಪಡೆದುಕೊಳ್ಳಬೇಕು. ಬ್ಯಾಂಕುಗಳು ಸಾಲ ಸೌಲಭ್ಯ ನೀಡಲು ಮುಂದೆ ಬರಬೇಕು ಎಂದರು. ಸಭೆಯಲ್ಲಿ ಜಿಲ್ಲಾಧಿಕಾರಿ ಡಾ. ವಿದ್ಯಾಕುಮಾರಿ, ಜಿ.ಪಂ. ಸಿಇಒ ಪ್ರತೀಕ್ ಬಾಯಲ್, ಮೆಸ್ಕಾಂ ಅಧಿಕಾರಿಗಳು ಉಪಸ್ಥಿತರಿದ್ದರು. ಸೋಲಾರ್ ಪಂಚಾಯತ್ ಯೋಜನೆಯಡಿ ಆಯ್ಕೆಯಾದ ಗ್ರಾಮಗಳಲ್ಲಿ ಸರಕಾರಿ ಕಟ್ಟಡಗಳು, ಶಾಲೆಗಳು ಮತ್ತು ಬೀದಿ ದೀಪಗಳಿಗೆ ಸೌರಶಕ್ತಿ ಬಳಕೆಯಾಗಲಿದೆ.
ಹೆಬ್ರಿ ಗ್ರಾಪಂನಲ್ಲಿ ಅತಿ ಹೆಚ್ಚು ಘರ್ ಘಟಕಗಳು
ಹೆಬ್ರಿ: ಕುಟುಂಬಕ್ಕೆ ಬೇಕಾದ ವಿದ್ಯುತ್ ಉತ್ಪಾದನೆ ಮಾಡಿಕೊಳ್ಳುವ ನಿಟ್ಟಿನಲ್ಲಿ ಹೆಬ್ರಿ ಗ್ರಾಮ ಪಂಚಾಯತ್ ವ್ಯಾಪ್ತಿಯಲ್ಲಿ ಅತಿ ಹೆಚ್ಚು ಸೂರ್ಯ ಘರ್ ಘಟಕಗಳನ್ನು ಅಳವಡಿಸಲಾಗಿದೆ. ಇದರಿಂದ ಹೆಬ್ರಿ ಸೋಲಾರ್ ಮಾದರಿ ಗ್ರಾಮವಾಗಿ ಗುರುತಿಸಿಕೊಂಡಿದೆ. ಶ್ರೀನಿವಾಸ ಪೂಜಾರಿ ಅವರು ಗ್ರಾಮದ ಯಶಸ್ಸನ್ನು ಶ್ಲಾಘಿಸಿದರು. ಇತರ ಪಂಚಾಯತ್‌ಗಳು ಸಹ ಹೆಬ್ರಿ ಮಾದರಿಯನ್ನು ಅನುಸರಿಸಬೇಕು ಎಂದು ಕರೆ ನೀಡಿದರು. ಮುಂದಿನ ದಿನಗಳಲ್ಲಿ ಎಲ್ಲಾ ಮನೆಗಳಿಗೆ ಸೋಲಾರ್ ಸಂಪರ್ಕ ಕಲ್ಪಿಸುವ ಗುರಿ ಹೊಂದಲಾಗಿದೆ. ಗ್ರಾಮಸ್ಥರಿಗೆ ವಿದ್ಯುತ್ ಬಿಲ್ ಹೊರೆ ಕಡಿಮೆಯಾಗಲಿದೆ. ಗ್ರಾಮ ಪಂಚಾಯತ್ ಅಧ್ಯಕ್ಷರು, ಸದಸ್ಯರು ಮತ್ತು ಸಿಬ್ಬಂದಿ ಯೋಜನೆಯ ಯಶಸ್ಸಿಗೆ ಶ್ರಮಿಸಿದ್ದಾರೆ. ಸಭೆಯಲ್ಲಿ ಜನಪ್ರತಿನಿಧಿಗಳು ಮತ್ತು ಅಧಿಕಾರಿಗಳು ಭಾಗವಹಿಸಿದ್ದರು. ಕಾರ್ಯಕ್ರಮದ ಕೊನೆಯಲ್ಲಿ ಪಂಚಾಯತ್ ಅಭಿವೃದ್ಧಿ ಅಧಿಕಾರಿ ವಂದಿಸಿದರು.
